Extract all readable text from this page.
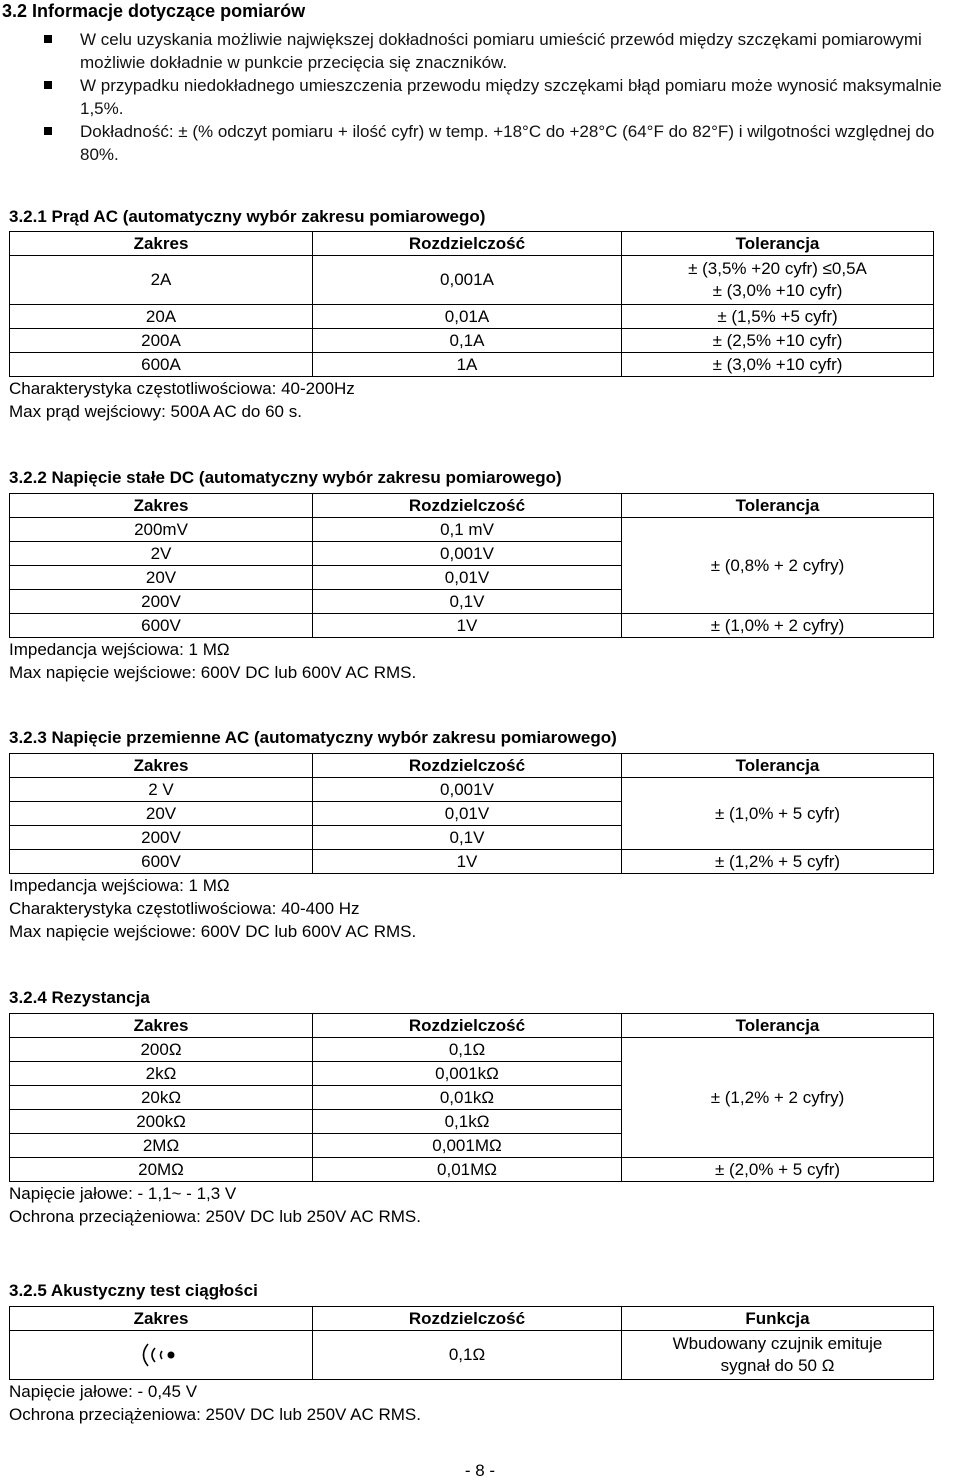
3.2 Informacje dotyczące pomiarów
W celu uzyskania możliwie największej dokładności pomiaru umieścić przewód między szczękami pomiarowymi możliwie dokładnie w punkcie przecięcia się znaczników.
W przypadku niedokładnego umieszczenia przewodu między szczękami błąd pomiaru może wynosić maksymalnie 1,5%.
Dokładność: ± (% odczyt pomiaru + ilość cyfr) w temp. +18°C do +28°C (64°F do 82°F) i wilgotności względnej do 80%.
3.2.1 Prąd AC (automatyczny wybór zakresu pomiarowego)
Zakres	Rozdzielczość	Tolerancja
2A	0,001A	± (3,5% +20 cyfr) ≤0,5A
± (3,0% +10 cyfr)

20A	0,01A	± (1,5% +5 cyfr)
200A	0,1A	± (2,5% +10 cyfr)
600A	1A	± (3,0% +10 cyfr)
Charakterystyka częstotliwościowa: 40-200Hz
Max prąd wejściowy: 500A AC do 60 s.
3.2.2 Napięcie stałe DC (automatyczny wybór zakresu pomiarowego)
Zakres	Rozdzielczość	Tolerancja
200mV	0,1 mV	± (0,8% + 2 cyfry)
2V	0,001V	
20V	0,01V	
200V	0,1V	
600V	1V	± (1,0% + 2 cyfry)
Impedancja wejściowa: 1 MΩ
Max napięcie wejściowe: 600V DC lub 600V AC RMS.
3.2.3 Napięcie przemienne AC (automatyczny wybór zakresu pomiarowego)
Zakres	Rozdzielczość	Tolerancja
2 V	0,001V	± (1,0% + 5 cyfr)
20V	0,01V	
200V	0,1V	
600V	1V	± (1,2% + 5 cyfr)
Impedancja wejściowa: 1 MΩ
Charakterystyka częstotliwościowa: 40-400 Hz
Max napięcie wejściowe: 600V DC lub 600V AC RMS.
3.2.4 Rezystancja
Zakres	Rozdzielczość	Tolerancja
200Ω	0,1Ω	± (1,2% + 2 cyfry)
2kΩ	0,001kΩ	
20kΩ	0,01kΩ	
200kΩ	0,1kΩ	
2MΩ	0,001MΩ	
20MΩ	0,01MΩ	± (2,0% + 5 cyfr)
Napięcie jałowe: - 1,1~ - 1,3 V
Ochrona przeciążeniowa: 250V DC lub 250V AC RMS.
3.2.5 Akustyczny test ciągłości
Zakres	Rozdzielczość	Funkcja
	0,1Ω	Wbudowany czujnik emituje
sygnał do 50 Ω
Napięcie jałowe: - 0,45 V
Ochrona przeciążeniowa: 250V DC lub 250V AC RMS.
- 8 -
